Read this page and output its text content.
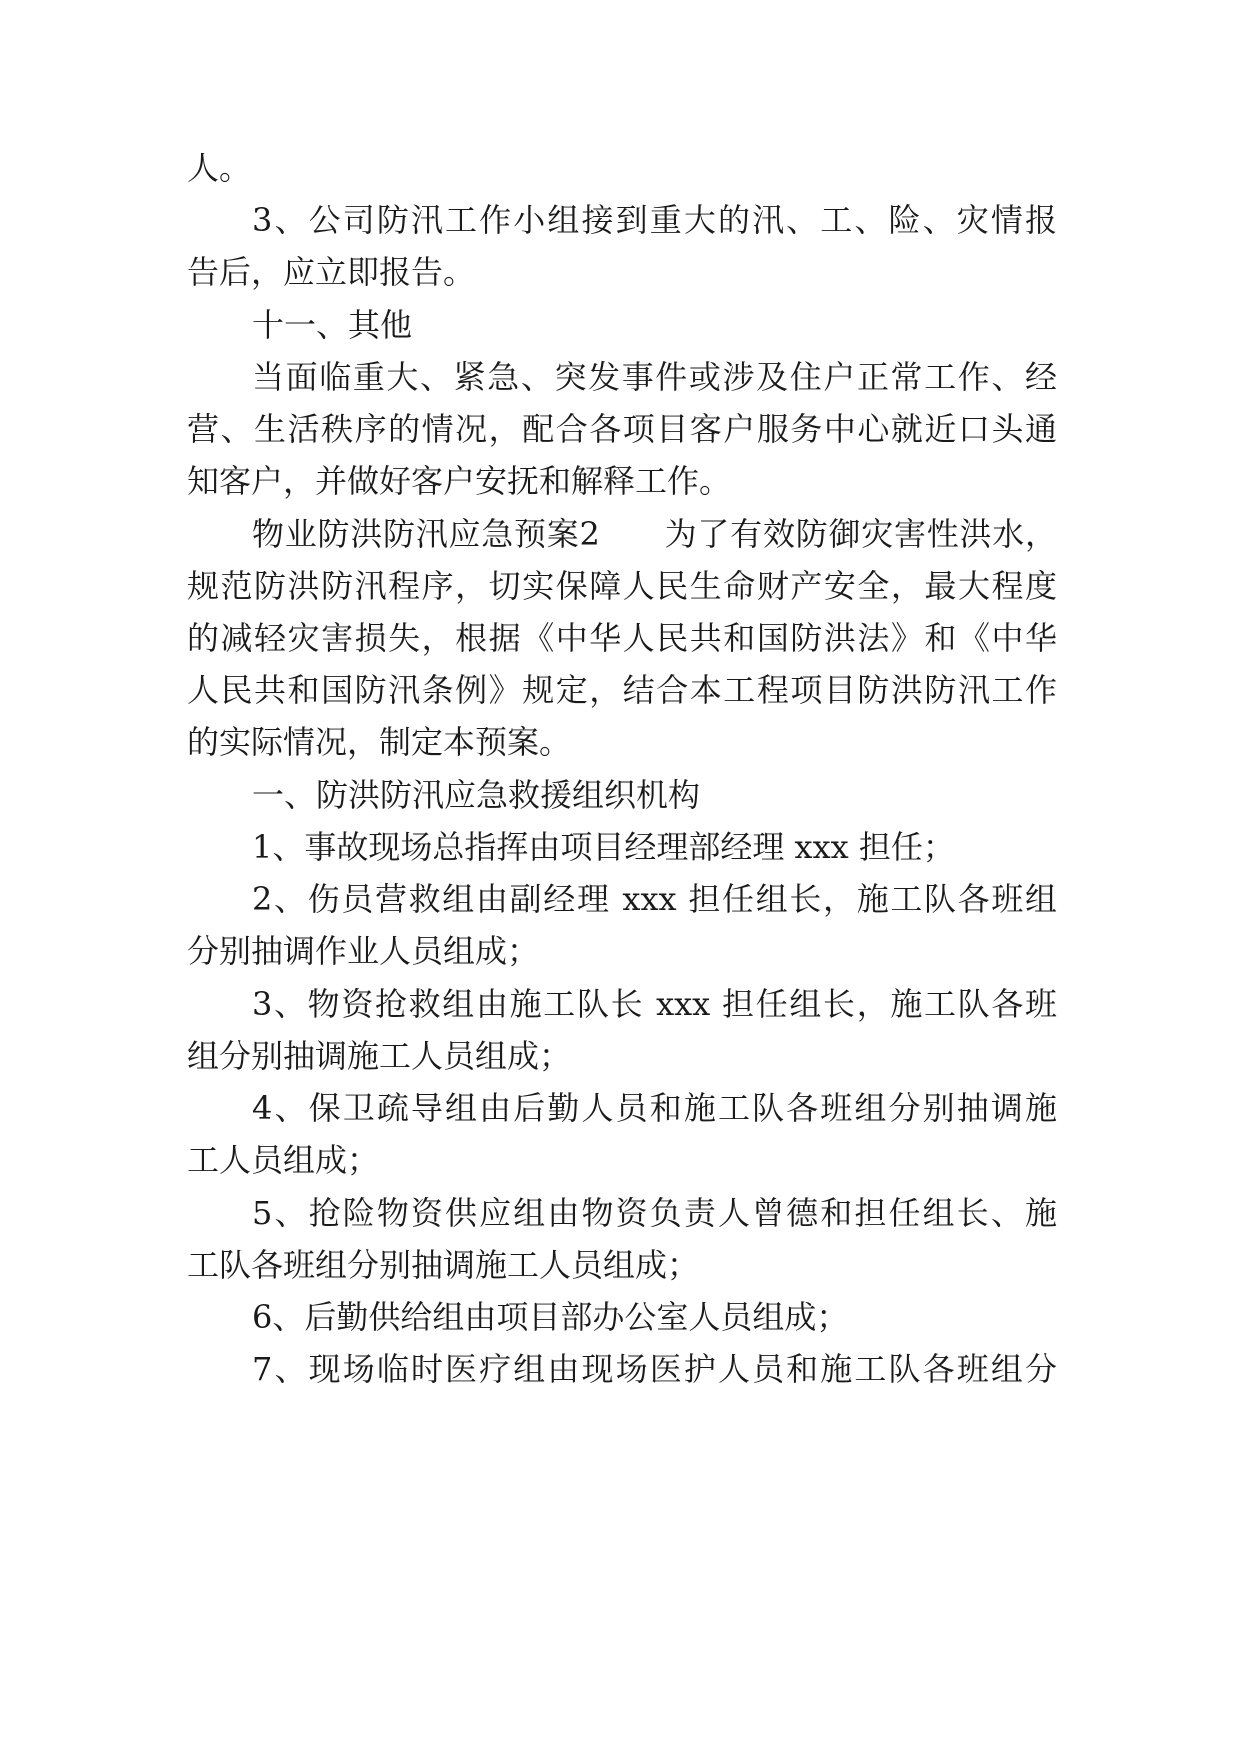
人。
3、公司防汛工作小组接到重大的汛、工、险、灾情报
告后，应立即报告。
十一、其他
当面临重大、紧急、突发事件或涉及住户正常工作、经
营、生活秩序的情况，配合各项目客户服务中心就近口头通
知客户，并做好客户安抚和解释工作。
物业防洪防汛应急预案2 为了有效防御灾害性洪水，
规范防洪防汛程序，切实保障人民生命财产安全，最大程度
的减轻灾害损失，根据《中华人民共和国防洪法》和《中华
人民共和国防汛条例》规定，结合本工程项目防洪防汛工作
的实际情况，制定本预案。
一、防洪防汛应急救援组织机构
1、事故现场总指挥由项目经理部经理 xxx 担任；
2、伤员营救组由副经理 xxx 担任组长，施工队各班组
分别抽调作业人员组成；
3、物资抢救组由施工队长 xxx 担任组长，施工队各班
组分别抽调施工人员组成；
4、保卫疏导组由后勤人员和施工队各班组分别抽调施
工人员组成；
5、抢险物资供应组由物资负责人曾德和担任组长、施
工队各班组分别抽调施工人员组成；
6、后勤供给组由项目部办公室人员组成；
7、现场临时医疗组由现场医护人员和施工队各班组分
